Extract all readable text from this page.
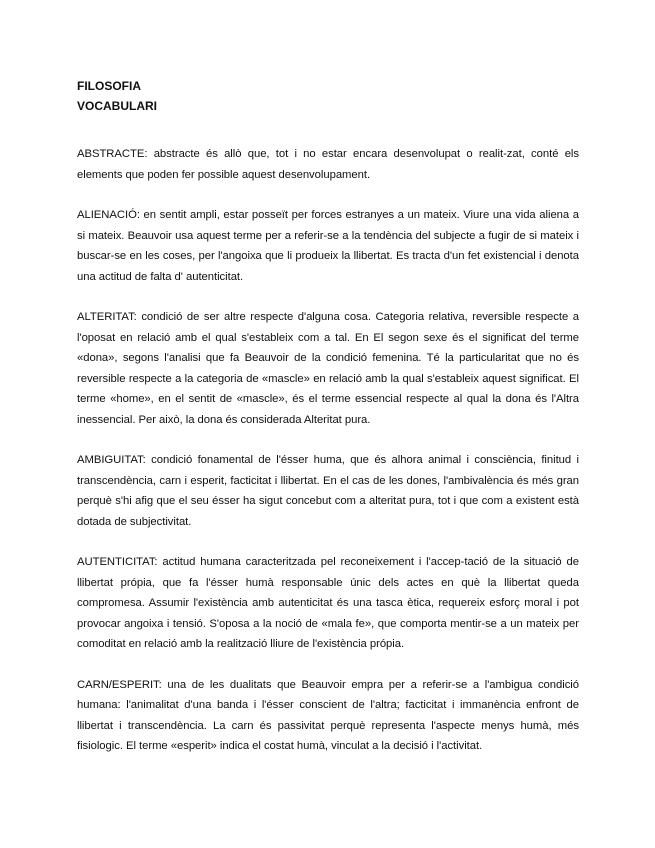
FILOSOFIA

VOCABULARI

ABSTRACTE: abstracte és allò que, tot i no estar encara desenvolupat o realit-zat, conté els elements que poden fer possible aquest desenvolupament.

ALIENACIÓ: en sentit ampli, estar posseït per forces estranyes a un mateix. Viure una vida aliena a si mateix. Beauvoir usa aquest terme per a referir-se a la tendència del subjecte a fugir de si mateix i buscar-se en les coses, per l'angoixa que li produeix la llibertat. Es tracta d'un fet existencial i denota una actitud de falta d' autenticitat.

ALTERITAT: condició de ser altre respecte d'alguna cosa. Categoria relativa, reversible respecte a l'oposat en relació amb el qual s'estableix com a tal. En El segon sexe és el significat del terme «dona», segons l'analisi que fa Beauvoir de la condició femenina. Té la particularitat que no és reversible respecte a la categoria de «mascle» en relació amb la qual s'estableix aquest significat. El terme «home», en el sentit de «mascle», és el terme essencial respecte al qual la dona és l'Altra inessencial. Per això, la dona és considerada Alteritat pura.

AMBIGUITAT: condició fonamental de l'ésser huma, que és alhora animal i consciència, finitud i transcendència, carn i esperit, facticitat i llibertat. En el cas de les dones, l'ambivalència és més gran perquè s'hi afig que el seu ésser ha sigut concebut com a alteritat pura, tot i que com a existent està dotada de subjectivitat.

AUTENTICITAT: actitud humana caracteritzada pel reconeixement i l'accep-tació de la situació de llibertat própia, que fa l'ésser humà responsable únic dels actes en què la llibertat queda compromesa. Assumir l'existència amb autenticitat és una tasca ètica, requereix esforç moral i pot provocar angoixa i tensió. S'oposa a la noció de «mala fe», que comporta mentir-se a un mateix per comoditat en relació amb la realització lliure de l'existència própia.

CARN/ESPERIT: una de les dualitats que Beauvoir empra per a referir-se a l'ambigua condició humana: l'animalitat d'una banda i l'ésser conscient de l'altra; facticitat i immanència enfront de llibertat i transcendència. La carn és passivitat perquè representa l'aspecte menys humà, més fisiologic. El terme «esperit» indica el costat humà, vinculat a la decisió i l'activitat.
